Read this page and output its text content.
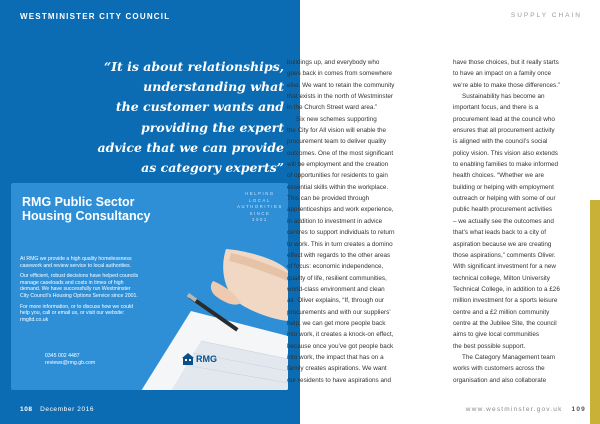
WESTMINISTER CITY COUNCIL
“It is about relationships,
understanding what
the customer wants and
providing the expert
advice that we can provide
as category experts”
RMG Public Sector
Housing Consultancy
HELPING
LOCAL
AUTHORITIES
SINCE
2001

At RMG we provide a high quality homelessness casework and review service to local authorities.

Our efficient, robust decisions have helped councils manage caseloads and costs in times of high demand. We have successfully run Westminster City Council’s Housing Options Service since 2001.

For more information, or to discuss how we could help you, call or email us, or visit our website: rmgltd.co.uk

0345 002 4487
reviews@rmg.gb.com	RMG
108 December 2016
SUPPLY CHAIN
www.westminster.gov.uk 109
buildings up, and everybody who
goes back in comes from somewhere
else. We want to retain the community
that exists in the north of Westminster
in the Church Street ward area.”
Six new schemes supporting
the City for All vision will enable the
procurement team to deliver quality
outcomes. One of the most significant
will be employment and the creation
of opportunities for residents to gain
essential skills within the workplace.
This can be provided through
apprenticeships and work experience,
in addition to investment in advice
centres to support individuals to return
to work. This in turn creates a domino
effect with regards to the other areas
of focus: economic independence,
quality of life, resilient communities,
world-class environment and clean
air. Oliver explains, “If, through our
procurements and with our suppliers’
help, we can get more people back
into work, it creates a knock-on effect,
because once you’ve got people back
into work, the impact that has on a
family creates aspirations. We want
our residents to have aspirations and
have those choices, but it really starts
to have an impact on a family once
we’re able to make those differences.”
Sustainability has become an
important focus, and there is a
procurement lead at the council who
ensures that all procurement activity
is aligned with the council’s social
policy vision. This vision also extends
to enabling families to make informed
health choices. “Whether we are
building or helping with employment
outreach or helping with some of our
public health procurement activities
– we actually see the outcomes and
that’s what leads back to a city of
aspiration because we are creating
those aspirations,” comments Oliver.
With significant investment for a new
technical college, Milton University
Technical College, in addition to a £26
million investment for a sports leisure
centre and a £2 million community
centre at the Jubilee Site, the council
aims to give local communities
the best possible support.
The Category Management team
works with customers across the
organisation and also collaborate
